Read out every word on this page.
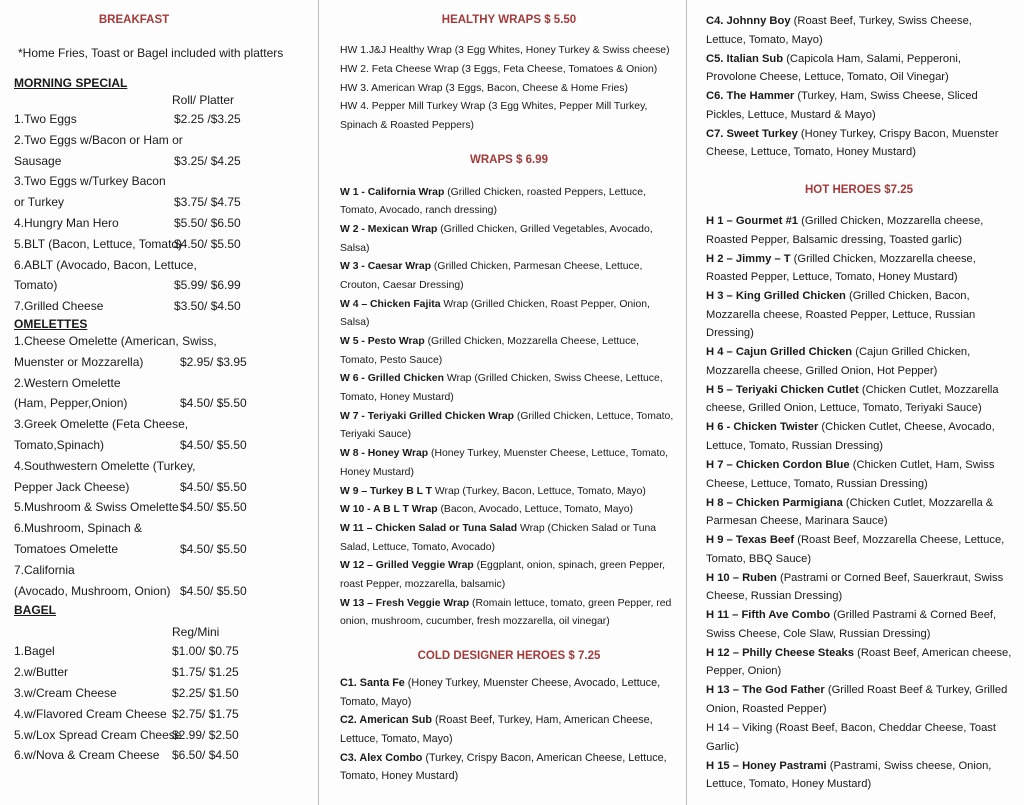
BREAKFAST
*Home Fries, Toast or Bagel included with platters
MORNING SPECIAL
Roll/ Platter
1.Two Eggs	$2.25 /$3.25
2.Two Eggs w/Bacon or Ham or
Sausage	$3.25/ $4.25
3.Two Eggs w/Turkey Bacon
or Turkey	$3.75/ $4.75
4.Hungry Man Hero	$5.50/ $6.50
5.BLT (Bacon, Lettuce, Tomato)
$4.50/ $5.50
6.ABLT (Avocado, Bacon, Lettuce,
Tomato)	$5.99/ $6.99
7.Grilled Cheese	$3.50/ $4.50
OMELETTES
1.Cheese Omelette (American, Swiss,
Muenster or Mozzarella)	$2.95/ $3.95
2.Western Omelette
(Ham, Pepper,Onion)	$4.50/ $5.50
3.Greek Omelette (Feta Cheese,
Tomato,Spinach)	$4.50/ $5.50
4.Southwestern Omelette (Turkey,
Pepper Jack Cheese)	$4.50/ $5.50
5.Mushroom & Swiss Omelette $4.50/ $5.50
6.Mushroom, Spinach &
Tomatoes Omelette	$4.50/ $5.50
7.California
(Avocado, Mushroom, Onion) $4.50/ $5.50
BAGEL
Reg/Mini
1.Bagel	$1.00/ $0.75
2.w/Butter	$1.75/ $1.25
3.w/Cream Cheese	$2.25/ $1.50
4.w/Flavored Cream Cheese $2.75/ $1.75
5.w/Lox Spread Cream Cheese
$2.99/ $2.50
6.w/Nova & Cream Cheese	$6.50/ $4.50
HEALTHY WRAPS $ 5.50
HW 1.J&J Healthy Wrap (3 Egg Whites, Honey Turkey & Swiss cheese)
HW 2. Feta Cheese Wrap (3 Eggs, Feta Cheese, Tomatoes & Onion)
HW 3. American Wrap (3 Eggs, Bacon, Cheese & Home Fries)
HW 4. Pepper Mill Turkey Wrap (3 Egg Whites, Pepper Mill Turkey, Spinach & Roasted Peppers)
WRAPS $ 6.99
W 1 - California Wrap (Grilled Chicken, roasted Peppers, Lettuce, Tomato, Avocado, ranch dressing)
W 2 - Mexican Wrap (Grilled Chicken, Grilled Vegetables, Avocado, Salsa)
W 3 - Caesar Wrap (Grilled Chicken, Parmesan Cheese, Lettuce, Crouton, Caesar Dressing)
W 4 – Chicken Fajita Wrap (Grilled Chicken, Roast Pepper, Onion, Salsa)
W 5 - Pesto Wrap (Grilled Chicken, Mozzarella Cheese, Lettuce, Tomato, Pesto Sauce)
W 6 - Grilled Chicken Wrap (Grilled Chicken, Swiss Cheese, Lettuce, Tomato, Honey Mustard)
W 7 - Teriyaki Grilled Chicken Wrap (Grilled Chicken, Lettuce, Tomato, Teriyaki Sauce)
W 8 - Honey Wrap (Honey Turkey, Muenster Cheese, Lettuce, Tomato, Honey Mustard)
W 9 – Turkey B L T Wrap (Turkey, Bacon, Lettuce, Tomato, Mayo)
W 10 - A B L T Wrap (Bacon, Avocado, Lettuce, Tomato, Mayo)
W 11 – Chicken Salad or Tuna Salad Wrap (Chicken Salad or Tuna Salad, Lettuce, Tomato, Avocado)
W 12 – Grilled Veggie Wrap (Eggplant, onion, spinach, green Pepper, roast Pepper, mozzarella, balsamic)
W 13 – Fresh Veggie Wrap (Romain lettuce, tomato, green Pepper, red onion, mushroom, cucumber, fresh mozzarella, oil vinegar)
COLD DESIGNER HEROES $ 7.25
C1. Santa Fe (Honey Turkey, Muenster Cheese, Avocado, Lettuce, Tomato, Mayo)
C2. American Sub (Roast Beef, Turkey, Ham, American Cheese, Lettuce, Tomato, Mayo)
C3. Alex Combo (Turkey, Crispy Bacon, American Cheese, Lettuce, Tomato, Honey Mustard)
C4. Johnny Boy (Roast Beef, Turkey, Swiss Cheese, Lettuce, Tomato, Mayo)
C5. Italian Sub (Capicola Ham, Salami, Pepperoni, Provolone Cheese, Lettuce, Tomato, Oil Vinegar)
C6. The Hammer (Turkey, Ham, Swiss Cheese, Sliced Pickles, Lettuce, Mustard & Mayo)
C7. Sweet Turkey (Honey Turkey, Crispy Bacon, Muenster Cheese, Lettuce, Tomato, Honey Mustard)
HOT HEROES $7.25
H 1 – Gourmet #1 (Grilled Chicken, Mozzarella cheese, Roasted Pepper, Balsamic dressing, Toasted garlic)
H 2 – Jimmy – T (Grilled Chicken, Mozzarella cheese, Roasted Pepper, Lettuce, Tomato, Honey Mustard)
H 3 – King Grilled Chicken (Grilled Chicken, Bacon, Mozzarella cheese, Roasted Pepper, Lettuce, Russian Dressing)
H 4 – Cajun Grilled Chicken (Cajun Grilled Chicken, Mozzarella cheese, Grilled Onion, Hot Pepper)
H 5 – Teriyaki Chicken Cutlet (Chicken Cutlet, Mozzarella cheese, Grilled Onion, Lettuce, Tomato, Teriyaki Sauce)
H 6 - Chicken Twister (Chicken Cutlet, Cheese, Avocado, Lettuce, Tomato, Russian Dressing)
H 7 – Chicken Cordon Blue (Chicken Cutlet, Ham, Swiss Cheese, Lettuce, Tomato, Russian Dressing)
H 8 – Chicken Parmigiana (Chicken Cutlet, Mozzarella & Parmesan Cheese, Marinara Sauce)
H 9 – Texas Beef (Roast Beef, Mozzarella Cheese, Lettuce, Tomato, BBQ Sauce)
H 10 – Ruben (Pastrami or Corned Beef, Sauerkraut, Swiss Cheese, Russian Dressing)
H 11 – Fifth Ave Combo (Grilled Pastrami & Corned Beef, Swiss Cheese, Cole Slaw, Russian Dressing)
H 12 – Philly Cheese Steaks (Roast Beef, American cheese, Pepper, Onion)
H 13 – The God Father (Grilled Roast Beef & Turkey, Grilled Onion, Roasted Pepper)
H 14 – Viking (Roast Beef, Bacon, Cheddar Cheese, Toast Garlic)
H 15 – Honey Pastrami (Pastrami, Swiss cheese, Onion, Lettuce, Tomato, Honey Mustard)
